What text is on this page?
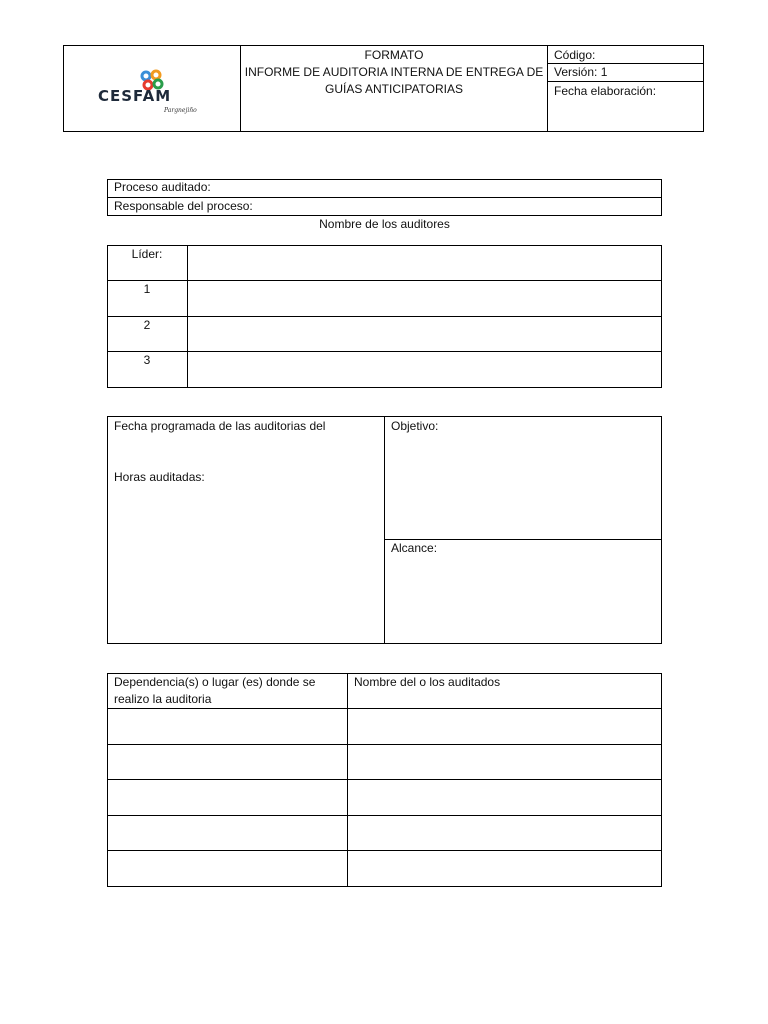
CESFAM
Pargnejiño
FORMATO
INFORME DE AUDITORIA INTERNA DE ENTREGA DE
GUÍAS ANTICIPATORIAS
Código:
Versión: 1
Fecha elaboración:
Proceso auditado:
Responsable del proceso:
Nombre de los auditores
Líder:
1
2
3
Fecha programada de las auditorias del
Horas auditadas:
Objetivo:
Alcance:
Dependencia(s) o lugar (es) donde se
realizo la auditoria
Nombre del o los auditados
